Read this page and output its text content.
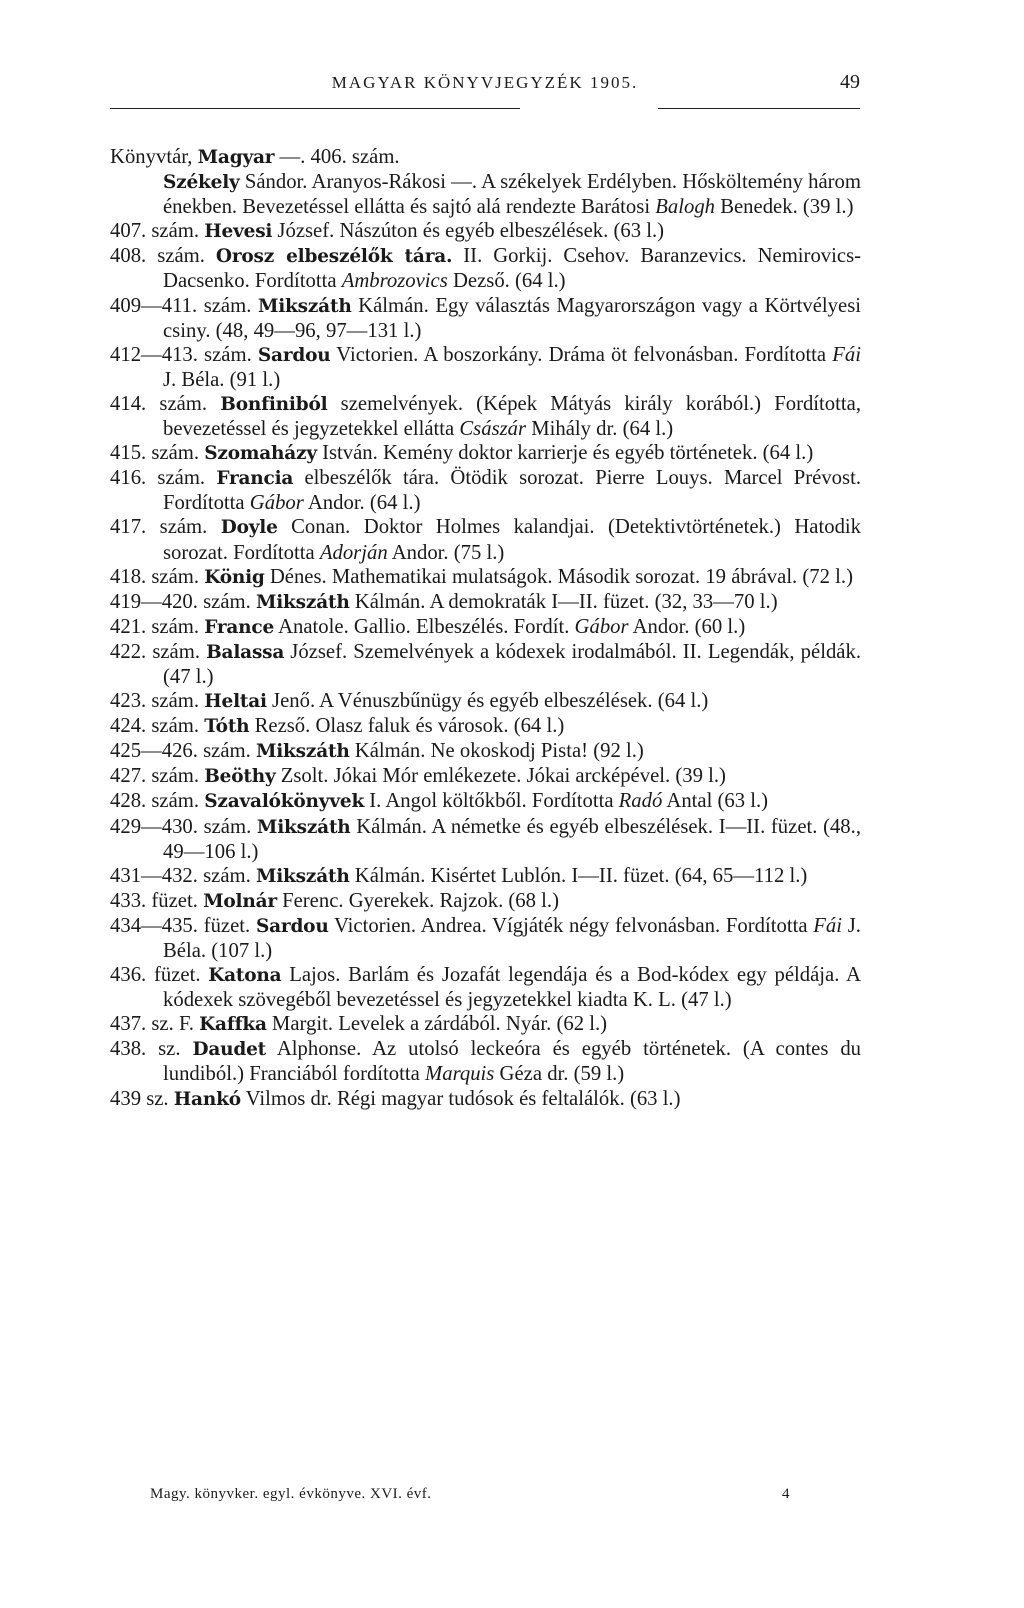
MAGYAR KÖNYVJEGYZÉK 1905.	49

Könyvtár, Magyar —. 406. szám.

Székely Sándor. Aranyos-Rákosi —. A székelyek Erdélyben. Hősköltemény három énekben. Bevezetéssel ellátta és sajtó alá rendezte Barátosi Balogh Benedek. (39 l.)

407. szám. Hevesi József. Nászúton és egyéb elbeszélések. (63 l.)

408. szám. Orosz elbeszélők tára. II. Gorkij. Csehov. Baranzevics. Nemirovics-Dacsenko. Fordította Ambrozovics Dezső. (64 l.)

409—411. szám. Mikszáth Kálmán. Egy választás Magyarországon vagy a Körtvélyesi csiny. (48, 49—96, 97—131 l.)

412—413. szám. Sardou Victorien. A boszorkány. Dráma öt felvonásban. Fordította Fái J. Béla. (91 l.)

414. szám. Bonfiniból szemelvények. (Képek Mátyás király korából.) Fordította, bevezetéssel és jegyzetekkel ellátta Császár Mihály dr. (64 l.)

415. szám. Szomaházy István. Kemény doktor karrierje és egyéb történetek. (64 l.)

416. szám. Francia elbeszélők tára. Ötödik sorozat. Pierre Louys. Marcel Prévost. Fordította Gábor Andor. (64 l.)

417. szám. Doyle Conan. Doktor Holmes kalandjai. (Detektivtörténetek.) Hatodik sorozat. Fordította Adorján Andor. (75 l.)

418. szám. König Dénes. Mathematikai mulatságok. Második sorozat. 19 ábrával. (72 l.)

419—420. szám. Mikszáth Kálmán. A demokraták I—II. füzet. (32, 33—70 l.)

421. szám. France Anatole. Gallio. Elbeszélés. Fordít. Gábor Andor. (60 l.)

422. szám. Balassa József. Szemelvények a kódexek irodalmából. II. Legendák, példák. (47 l.)

423. szám. Heltai Jenő. A Vénuszbűnügy és egyéb elbeszélések. (64 l.)

424. szám. Tóth Rezső. Olasz faluk és városok. (64 l.)

425—426. szám. Mikszáth Kálmán. Ne okoskodj Pista! (92 l.)

427. szám. Beöthy Zsolt. Jókai Mór emlékezete. Jókai arcképével. (39 l.)

428. szám. Szavalókönyvek I. Angol költőkből. Fordította Radó Antal (63 l.)

429—430. szám. Mikszáth Kálmán. A németke és egyéb elbeszélések. I—II. füzet. (48., 49—106 l.)

431—432. szám. Mikszáth Kálmán. Kisértet Lublón. I—II. füzet. (64, 65—112 l.)

433. füzet. Molnár Ferenc. Gyerekek. Rajzok. (68 l.)

434—435. füzet. Sardou Victorien. Andrea. Vígjáték négy felvonásban. Fordította Fái J. Béla. (107 l.)

436. füzet. Katona Lajos. Barlám és Jozafát legendája és a Bod-kódex egy példája. A kódexek szövegéből bevezetéssel és jegyzetekkel kiadta K. L. (47 l.)

437. sz. F. Kaffka Margit. Levelek a zárdából. Nyár. (62 l.)

438. sz. Daudet Alphonse. Az utolsó leckeóra és egyéb történetek. (A contes du lundiból.) Franciából fordította Marquis Géza dr. (59 l.)

439 sz. Hankó Vilmos dr. Régi magyar tudósok és feltalálók. (63 l.)

Magy. könyvker. egyl. évkönyve. XVI. évf.	4
